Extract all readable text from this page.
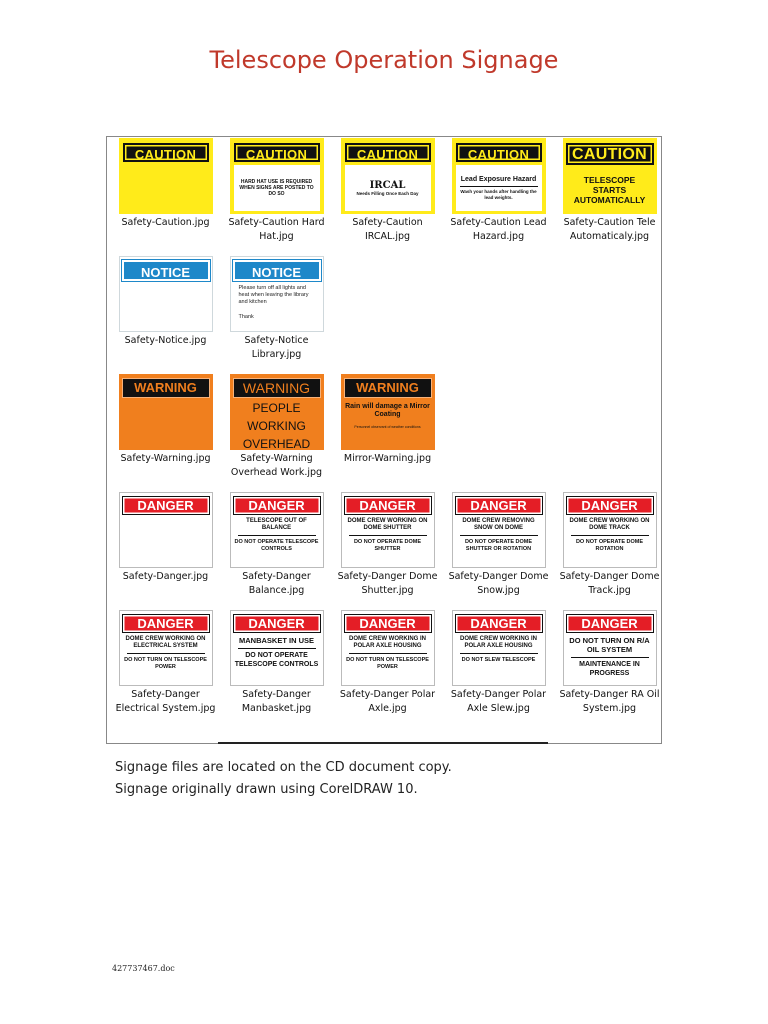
Telescope Operation Signage
CAUTION
Safety-Caution.jpg
CAUTION
HARD HAT USE IS REQUIRED WHEN SIGNS ARE POSTED TO DO SO
Safety-Caution Hard Hat.jpg
CAUTION
IRCAL
Needs Filling Once Each Day
Safety-Caution IRCAL.jpg
CAUTION
Lead Exposure Hazard
Wash your hands after handling the lead weights.
Safety-Caution Lead Hazard.jpg
CAUTION
TELESCOPE STARTS AUTOMATICALLY
Safety-Caution Tele Automaticaly.jpg
NOTICE
Safety-Notice.jpg
NOTICE
Please turn off all lights and heat when leaving the library and kitchen
Thank
Safety-Notice Library.jpg
WARNING
Safety-Warning.jpg
WARNING
PEOPLE
WORKING
OVERHEAD
Safety-Warning Overhead Work.jpg
WARNING
Rain will damage a Mirror Coating
Personnel observant of weather conditions
Mirror-Warning.jpg
DANGER
Safety-Danger.jpg
DANGER
TELESCOPE OUT OF BALANCE
DO NOT OPERATE TELESCOPE CONTROLS
Safety-Danger Balance.jpg
DANGER
DOME CREW WORKING ON DOME SHUTTER
DO NOT OPERATE DOME SHUTTER
Safety-Danger Dome Shutter.jpg
DANGER
DOME CREW REMOVING SNOW ON DOME
DO NOT OPERATE DOME SHUTTER OR ROTATION
Safety-Danger Dome Snow.jpg
DANGER
DOME CREW WORKING ON DOME TRACK
DO NOT OPERATE DOME ROTATION
Safety-Danger Dome Track.jpg
DANGER
DOME CREW WORKING ON ELECTRICAL SYSTEM
DO NOT TURN ON TELESCOPE POWER
Safety-Danger Electrical System.jpg
DANGER
MANBASKET IN USE
DO NOT OPERATE TELESCOPE CONTROLS
Safety-Danger Manbasket.jpg
DANGER
DOME CREW WORKING IN POLAR AXLE HOUSING
DO NOT TURN ON TELESCOPE POWER
Safety-Danger Polar Axle.jpg
DANGER
DOME CREW WORKING IN POLAR AXLE HOUSING
DO NOT SLEW TELESCOPE
Safety-Danger Polar Axle Slew.jpg
DANGER
DO NOT TURN ON R/A OIL SYSTEM
MAINTENANCE IN PROGRESS
Safety-Danger RA Oil System.jpg
Signage files are located on the CD document copy.
Signage originally drawn using CorelDRAW 10.
427737467.doc
